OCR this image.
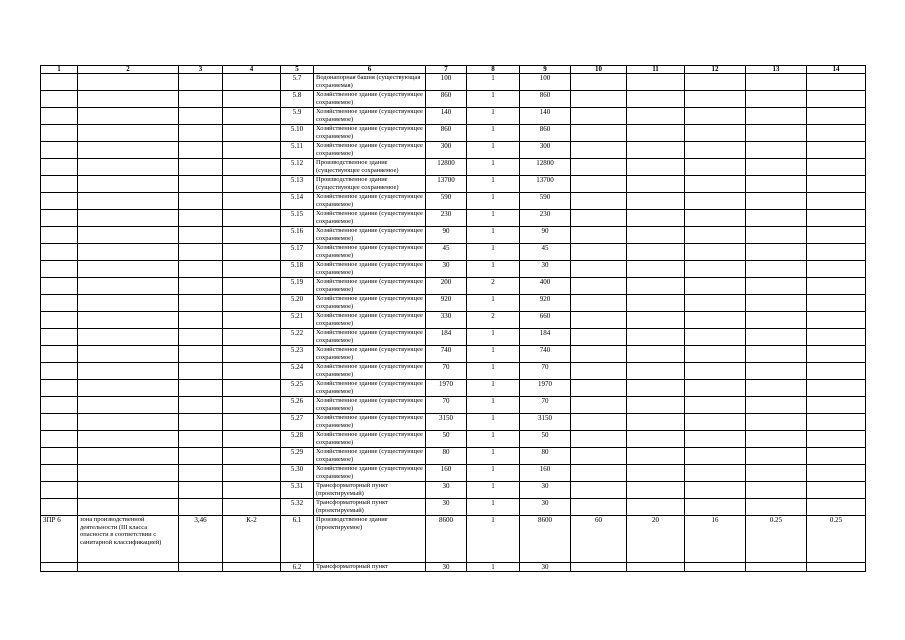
1	2	3	4	5	6	7	8	9	10	11	12	13	14
				5.7	Водонапорная башня (существующая сохраняемая)	100	1	100					
				5.8	Хозяйственное здание (существующее сохраняемое)	860	1	860					
				5.9	Хозяйственное здание (существующее сохраняемое)	140	1	140					
				5.10	Хозяйственное здание (существующее сохраняемое)	860	1	860					
				5.11	Хозяйственное здание (существующее сохраняемое)	300	1	300					
				5.12	Производственное здание (существующее сохраняемое)	12800	1	12800					
				5.13	Производственное здание (существующее сохраняемое)	13700	1	13700					
				5.14	Хозяйственное здание (существующее сохраняемое)	590	1	590					
				5.15	Хозяйственное здание (существующее сохраняемое)	230	1	230					
				5.16	Хозяйственное здание (существующее сохраняемое)	90	1	90					
				5.17	Хозяйственное здание (существующее сохраняемое)	45	1	45					
				5.18	Хозяйственное здание (существующее сохраняемое)	30	1	30					
				5.19	Хозяйственное здание (существующее сохраняемое)	200	2	400					
				5.20	Хозяйственное здание (существующее сохраняемое)	920	1	920					
				5.21	Хозяйственное здание (существующее сохраняемое)	330	2	660					
				5.22	Хозяйственное здание (существующее сохраняемое)	184	1	184					
				5.23	Хозяйственное здание (существующее сохраняемое)	740	1	740					
				5.24	Хозяйственное здание (существующее сохраняемое)	70	1	70					
				5.25	Хозяйственное здание (существующее сохраняемое)	1970	1	1970					
				5.26	Хозяйственное здание (существующее сохраняемое)	70	1	70					
				5.27	Хозяйственное здание (существующее сохраняемое)	3150	1	3150					
				5.28	Хозяйственное здание (существующее сохраняемое)	50	1	50					
				5.29	Хозяйственное здание (существующее сохраняемое)	80	1	80					
				5.30	Хозяйственное здание (существующее сохраняемое)	160	1	160					
				5.31	Трансформаторный пункт (проектируемый)	30	1	30					
				5.32	Трансформаторный пункт (проектируемый)	30	1	30					
ЗПР 6	зона производственной деятельности (III класса опасности в соответствии с санитарной классификацией)	3,46	К-2	6.1	Производственное здание (проектируемое)	8600	1	8600	60	20	16	0.25	0.25
				6.2	Трансформаторный пункт	30	1	30					
